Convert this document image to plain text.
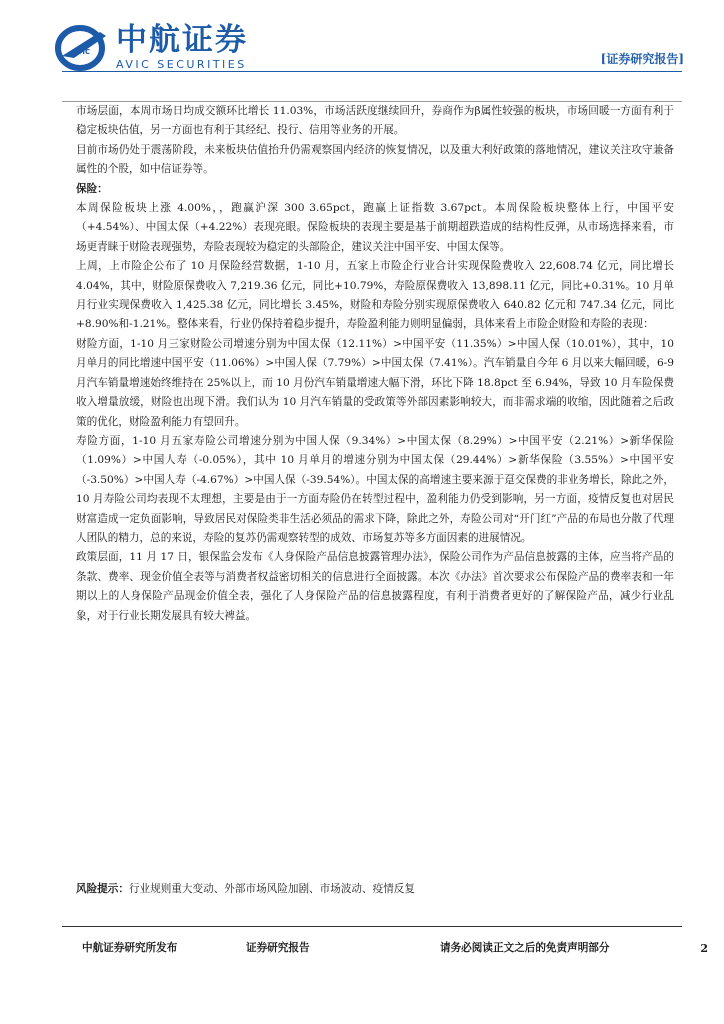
AVIC 中航证券
AVIC SECURITIES	[证券研究报告]

市场层面，本周市场日均成交额环比增长 11.03%，市场活跃度继续回升，券商作为β属性较强的板块，市场回暖一方面有利于稳定板块估值，另一方面也有利于其经纪、投行、信用等业务的开展。

目前市场仍处于震荡阶段，未来板块估值抬升仍需观察国内经济的恢复情况，以及重大利好政策的落地情况，建议关注攻守兼备属性的个股，如中信证券等。

保险：

本周保险板块上涨 4.00%，，跑赢沪深 300 3.65pct，跑赢上证指数 3.67pct。本周保险板块整体上行，中国平安（+4.54%）、中国太保（+4.22%）表现亮眼。保险板块的表现主要是基于前期超跌造成的结构性反弹，从市场选择来看，市场更青睐于财险表现强势，寿险表现较为稳定的头部险企，建议关注中国平安、中国太保等。

上周，上市险企公布了 10 月保险经营数据，1-10 月，五家上市险企行业合计实现保险费收入 22,608.74 亿元，同比增长 4.04%，其中，财险原保费收入 7,219.36 亿元，同比+10.79%，寿险原保费收入 13,898.11 亿元，同比+0.31%。10 月单月行业实现保费收入 1,425.38 亿元，同比增长 3.45%，财险和寿险分别实现原保费收入 640.82 亿元和 747.34 亿元，同比+8.90%和-1.21%。整体来看，行业仍保持着稳步提升，寿险盈利能力则明显偏弱，具体来看上市险企财险和寿险的表现：

财险方面，1-10 月三家财险公司增速分别为中国太保（12.11%）>中国平安（11.35%）>中国人保（10.01%），其中，10 月单月的同比增速中国平安（11.06%）>中国人保（7.79%）>中国太保（7.41%）。汽车销量自今年 6 月以来大幅回暖，6-9 月汽车销量增速始终维持在 25%以上，而 10 月份汽车销量增速大幅下滑，环比下降 18.8pct 至 6.94%，导致 10 月车险保费收入增量放缓，财险也出现下滑。我们认为 10 月汽车销量的受政策等外部因素影响较大，而非需求端的收缩，因此随着之后政策的优化，财险盈利能力有望回升。

寿险方面，1-10 月五家寿险公司增速分别为中国人保（9.34%）>中国太保（8.29%）>中国平安（2.21%）>新华保险（1.09%）>中国人寿（-0.05%），其中 10 月单月的增速分别为中国太保（29.44%）>新华保险（3.55%）>中国平安（-3.50%）>中国人寿（-4.67%）>中国人保（-39.54%）。中国太保的高增速主要来源于趸交保费的非业务增长，除此之外，10 月寿险公司均表现不太理想，主要是由于一方面寿险仍在转型过程中，盈利能力仍受到影响，另一方面，疫情反复也对居民财富造成一定负面影响，导致居民对保险类非生活必须品的需求下降，除此之外，寿险公司对“开门红”产品的布局也分散了代理人团队的精力，总的来说，寿险的复苏仍需观察转型的成效、市场复苏等多方面因素的进展情况。

政策层面，11 月 17 日，银保监会发布《人身保险产品信息披露管理办法》，保险公司作为产品信息披露的主体，应当将产品的条款、费率、现金价值全表等与消费者权益密切相关的信息进行全面披露。本次《办法》首次要求公布保险产品的费率表和一年期以上的人身保险产品现金价值全表，强化了人身保险产品的信息披露程度，有利于消费者更好的了解保险产品，减少行业乱象，对于行业长期发展具有较大裨益。

风险提示：行业规则重大变动、外部市场风险加剧、市场波动、疫情反复
中航证券研究所发布	证券研究报告	请务必阅读正文之后的免责声明部分	2
